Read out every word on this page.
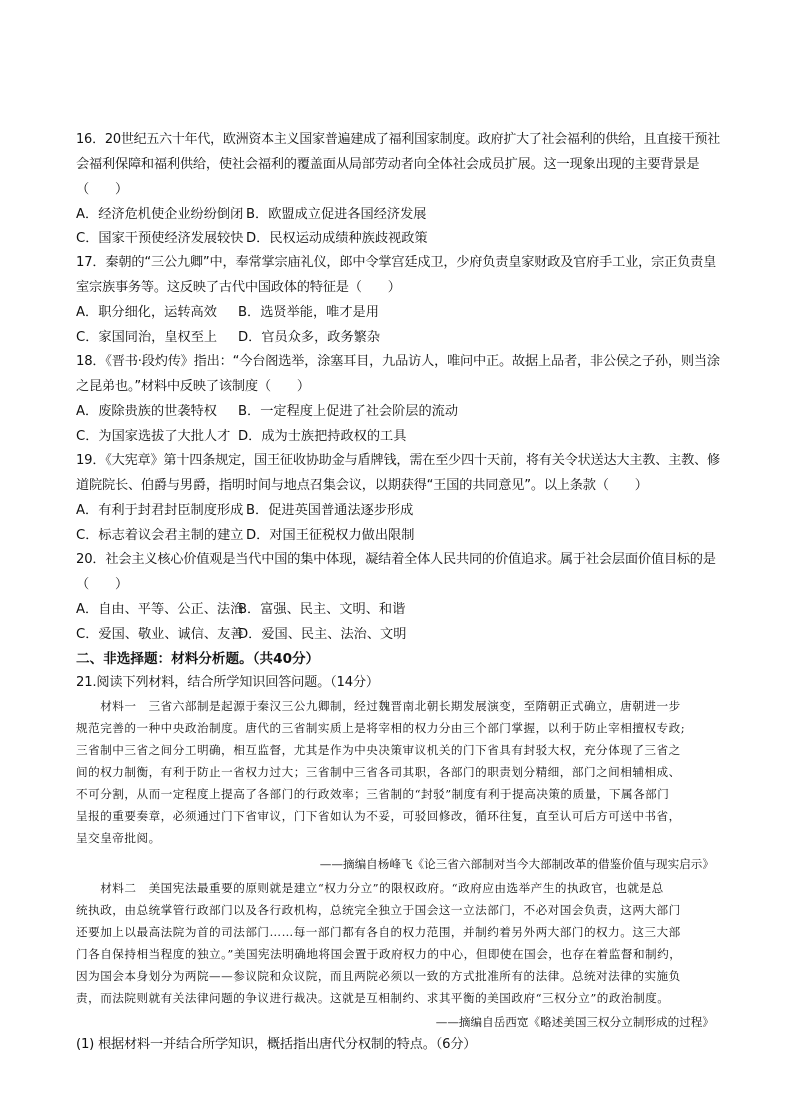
16．20世纪五六十年代，欧洲资本主义国家普遍建成了福利国家制度。政府扩大了社会福利的供给，且直接干预社
会福利保障和福利供给，使社会福利的覆盖面从局部劳动者向全体社会成员扩展。这一现象出现的主要背景是
（　　）
A．经济危机使企业纷纷倒闭 B．欧盟成立促进各国经济发展
C．国家干预使经济发展较快 D．民权运动成绩种族歧视政策
17．秦朝的“三公九卿”中，奉常掌宗庙礼仪，郎中令掌宫廷戍卫，少府负责皇家财政及官府手工业，宗正负责皇
室宗族事务等。这反映了古代中国政体的特征是（　　）
A．职分细化，运转高效 B．选贤举能，唯才是用
C．家国同治，皇权至上 D．官员众多，政务繁杂
18．《晋书·段灼传》指出：“今台阁选举，涂塞耳目，九品访人，唯问中正。故据上品者，非公侯之子孙，则当涂
之昆弟也。”材料中反映了该制度（　　）
A．废除贵族的世袭特权 B．一定程度上促进了社会阶层的流动
C．为国家选拔了大批人才 D．成为士族把持政权的工具
19．《大宪章》第十四条规定，国王征收协助金与盾牌钱，需在至少四十天前，将有关令状送达大主教、主教、修
道院院长、伯爵与男爵，指明时间与地点召集会议，以期获得“王国的共同意见”。以上条款（　　）
A．有利于封君封臣制度形成 B．促进英国普通法逐步形成
C．标志着议会君主制的建立 D．对国王征税权力做出限制
20．社会主义核心价值观是当代中国的集中体现，凝结着全体人民共同的价值追求。属于社会层面价值目标的是
（　　）
A．自由、平等、公正、法治
B．富强、民主、文明、和谐
C．爱国、敬业、诚信、友善
D．爱国、民主、法治、文明
二、非选择题：材料分析题。（共40分）
21.阅读下列材料，结合所学知识回答问题。（14分）
　　材料一　三省六部制是起源于秦汉三公九卿制，经过魏晋南北朝长期发展演变，至隋朝正式确立，唐朝进一步
规范完善的一种中央政治制度。唐代的三省制实质上是将宰相的权力分由三个部门掌握，以利于防止宰相擅权专政;
三省制中三省之间分工明确，相互监督，尤其是作为中央决策审议机关的门下省具有封驳大权，充分体现了三省之
间的权力制衡，有利于防止一省权力过大；三省制中三省各司其职，各部门的职责划分精细，部门之间相辅相成、
不可分割，从而一定程度上提高了各部门的行政效率；三省制的“封驳”制度有利于提高决策的质量，下属各部门
呈报的重要奏章，必须通过门下省审议，门下省如认为不妥，可驳回修改，循环往复，直至认可后方可送中书省，
呈交皇帝批阅。
——摘编自杨峰飞《论三省六部制对当今大部制改革的借鉴价值与现实启示》
　　材料二　美国宪法最重要的原则就是建立“权力分立”的限权政府。“政府应由选举产生的执政官，也就是总
统执政，由总统掌管行政部门以及各行政机构，总统完全独立于国会这一立法部门，不必对国会负责，这两大部门
还要加上以最高法院为首的司法部门……每一部门都有各自的权力范围，并制约着另外两大部门的权力。这三大部
门各自保持相当程度的独立。”美国宪法明确地将国会置于政府权力的中心，但即使在国会，也存在着监督和制约，
因为国会本身划分为两院——参议院和众议院，而且两院必须以一致的方式批准所有的法律。总统对法律的实施负
责，而法院则就有关法律问题的争议进行裁决。这就是互相制约、求其平衡的美国政府“三权分立”的政治制度。
——摘编自岳西宽《略述美国三权分立制形成的过程》
(1) 根据材料一并结合所学知识，概括指出唐代分权制的特点。（6分）
